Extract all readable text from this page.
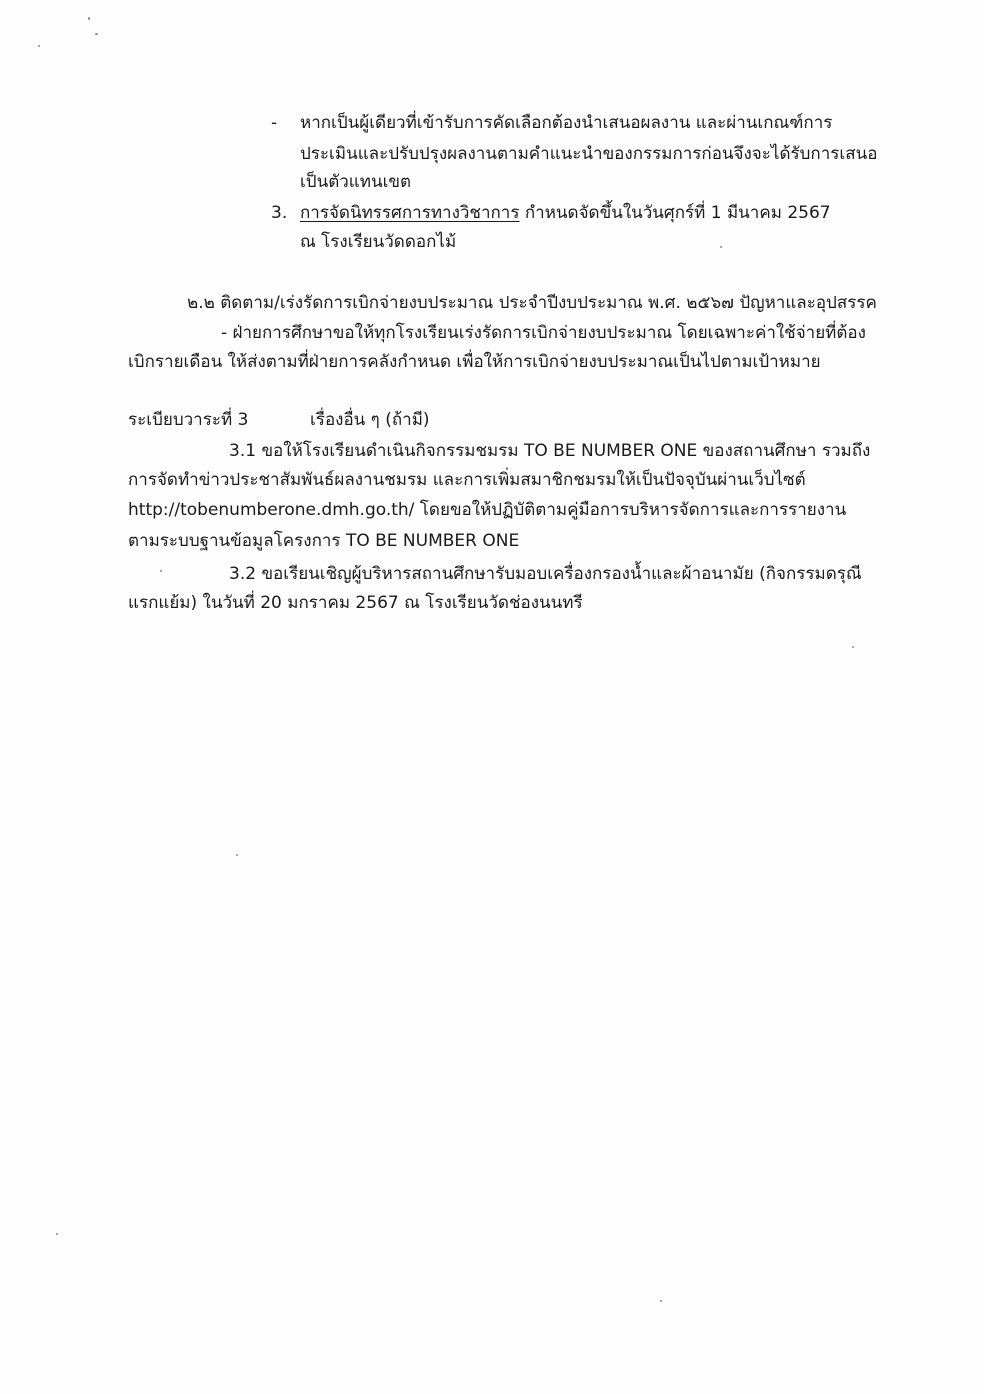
- หากเป็นผู้เดียวที่เข้ารับการคัดเลือกต้องนำเสนอผลงาน และผ่านเกณฑ์การ
ประเมินและปรับปรุงผลงานตามคำแนะนำของกรรมการก่อนจึงจะได้รับการเสนอ
เป็นตัวแทนเขต
3. การจัดนิทรรศการทางวิชาการ กำหนดจัดขึ้นในวันศุกร์ที่ 1 มีนาคม 2567
ณ โรงเรียนวัดดอกไม้
๒.๒ ติดตาม/เร่งรัดการเบิกจ่ายงบประมาณ ประจำปีงบประมาณ พ.ศ. ๒๕๖๗ ปัญหาและอุปสรรค
- ฝ่ายการศึกษาขอให้ทุกโรงเรียนเร่งรัดการเบิกจ่ายงบประมาณ โดยเฉพาะค่าใช้จ่ายที่ต้อง
เบิกรายเดือน ให้ส่งตามที่ฝ่ายการคลังกำหนด เพื่อให้การเบิกจ่ายงบประมาณเป็นไปตามเป้าหมาย
ระเบียบวาระที่ 3	เรื่องอื่น ๆ (ถ้ามี)
3.1 ขอให้โรงเรียนดำเนินกิจกรรมชมรม TO BE NUMBER ONE ของสถานศึกษา รวมถึง
การจัดทำข่าวประชาสัมพันธ์ผลงานชมรม และการเพิ่มสมาชิกชมรมให้เป็นปัจจุบันผ่านเว็บไซต์
http://tobenumberone.dmh.go.th/ โดยขอให้ปฏิบัติตามคู่มือการบริหารจัดการและการรายงาน
ตามระบบฐานข้อมูลโครงการ TO BE NUMBER ONE
3.2 ขอเรียนเชิญผู้บริหารสถานศึกษารับมอบเครื่องกรองน้ำและผ้าอนามัย (กิจกรรมดรุณี
แรกแย้ม) ในวันที่ 20 มกราคม 2567 ณ โรงเรียนวัดช่องนนทรี
